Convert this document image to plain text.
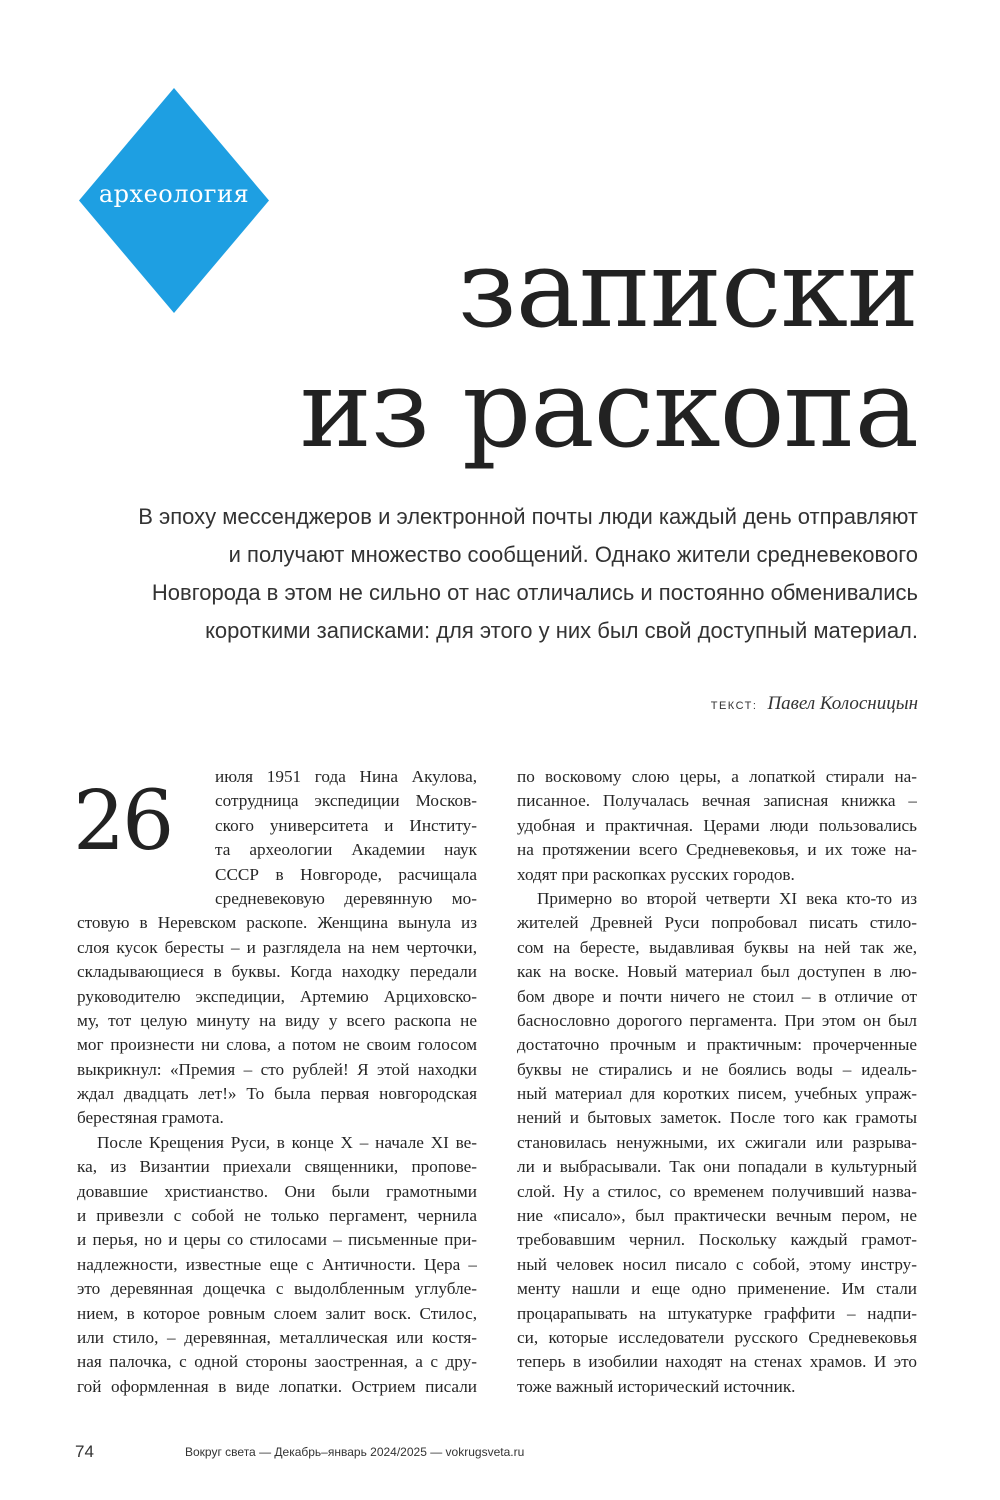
археология
записки
из раскопа

В эпоху мессенджеров и электронной почты люди каждый день отправляют
и получают множество сообщений. Однако жители средневекового
Новгорода в этом не сильно от нас отличались и постоянно обменивались
короткими записками: для этого у них был свой доступный материал.

ТЕКСТ: Павел Колосницын
26	июля 1951 года Нина Акулова,
сотрудница экспедиции Москов-
ского университета и Институ-
та археологии Академии наук
СССР в Новгороде, расчищала
средневековую деревянную мо-
стовую в Неревском раскопе. Женщина вынула из
слоя кусок бересты – и разглядела на нем черточки,
складывающиеся в буквы. Когда находку передали
руководителю экспедиции, Артемию Арциховско-
му, тот целую минуту на виду у всего раскопа не
мог произнести ни слова, а потом не своим голосом
выкрикнул: «Премия – сто рублей! Я этой находки
ждал двадцать лет!» То была первая новгородская
берестяная грамота.
После Крещения Руси, в конце X – начале XI ве-
ка, из Византии приехали священники, пропове-
довавшие христианство. Они были грамотными
и привезли с собой не только пергамент, чернила
и перья, но и церы со стилосами – письменные при-
надлежности, известные еще с Античности. Цера –
это деревянная дощечка с выдолбленным углубле-
нием, в которое ровным слоем залит воск. Стилос,
или стило, – деревянная, металлическая или костя-
ная палочка, с одной стороны заостренная, а с дру-
гой оформленная в виде лопатки. Острием писали
по восковому слою церы, а лопаткой стирали на-
писанное. Получалась вечная записная книжка –
удобная и практичная. Церами люди пользовались
на протяжении всего Средневековья, и их тоже на-
ходят при раскопках русских городов.
Примерно во второй четверти XI века кто-то из
жителей Древней Руси попробовал писать стило-
сом на бересте, выдавливая буквы на ней так же,
как на воске. Новый материал был доступен в лю-
бом дворе и почти ничего не стоил – в отличие от
баснословно дорогого пергамента. При этом он был
достаточно прочным и практичным: прочерченные
буквы не стирались и не боялись воды – идеаль-
ный материал для коротких писем, учебных упраж-
нений и бытовых заметок. После того как грамоты
становилась ненужными, их сжигали или разрыва-
ли и выбрасывали. Так они попадали в культурный
слой. Ну а стилос, со временем получивший назва-
ние «писало», был практически вечным пером, не
требовавшим чернил. Поскольку каждый грамот-
ный человек носил писало с собой, этому инстру-
менту нашли и еще одно применение. Им стали
процарапывать на штукатурке граффити – надпи-
си, которые исследователи русского Средневековья
теперь в изобилии находят на стенах храмов. И это
тоже важный исторический источник.
74	Вокруг света — Декабрь–январь 2024/2025 — vokrugsveta.ru
